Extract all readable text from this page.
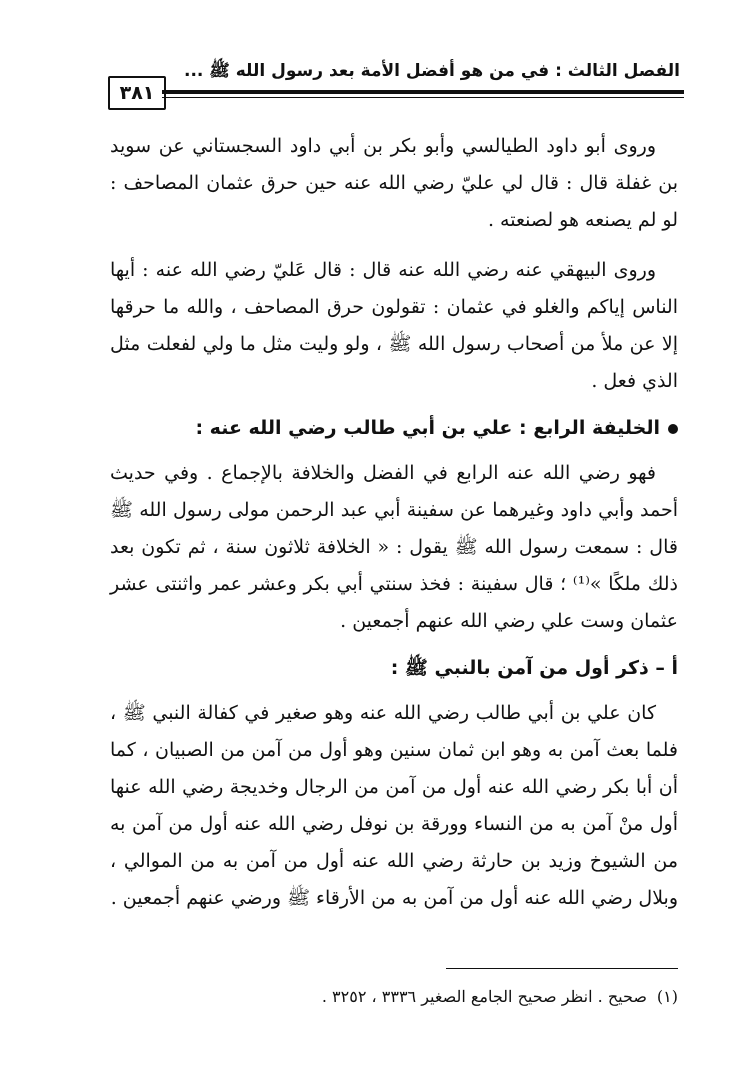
الفصل الثالث : في من هو أفضل الأمة بعد رسول الله ﷺ ...
٣٨١

وروى أبو داود الطيالسي وأبو بكر بن أبي داود السجستاني عن سويد بن غفلة قال : قال لي عليّ رضي الله عنه حين حرق عثمان المصاحف : لو لم يصنعه هو لصنعته .

وروى البيهقي عنه رضي الله عنه قال : قال عَليّ رضي الله عنه : أيها الناس إياكم والغلو في عثمان : تقولون حرق المصاحف ، والله ما حرقها إلا عن ملأ من أصحاب رسول الله ﷺ ، ولو وليت مثل ما ولي لفعلت مثل الذي فعل .

الخليفة الرابع : علي بن أبي طالب رضي الله عنه :

فهو رضي الله عنه الرابع في الفضل والخلافة بالإجماع . وفي حديث أحمد وأبي داود وغيرهما عن سفينة أبي عبد الرحمن مولى رسول الله ﷺ قال : سمعت رسول الله ﷺ يقول : « الخلافة ثلاثون سنة ، ثم تكون بعد ذلك ملكًا »⁽¹⁾ ؛ قال سفينة : فخذ سنتي أبي بكر وعشر عمر واثنتى عشر عثمان وست علي رضي الله عنهم أجمعين .

أ – ذكر أول من آمن بالنبي ﷺ :

كان علي بن أبي طالب رضي الله عنه وهو صغير في كفالة النبي ﷺ ، فلما بعث آمن به وهو ابن ثمان سنين وهو أول من آمن من الصبيان ، كما أن أبا بكر رضي الله عنه أول من آمن من الرجال وخديجة رضي الله عنها أول منْ آمن به من النساء وورقة بن نوفل رضي الله عنه أول من آمن به من الشيوخ وزيد بن حارثة رضي الله عنه أول من آمن به من الموالي ، وبلال رضي الله عنه أول من آمن به من الأرقاء ﷺ ورضي عنهم أجمعين .

(١)صحيح . انظر صحيح الجامع الصغير ٣٣٣٦ ، ٣٢٥٢ .
